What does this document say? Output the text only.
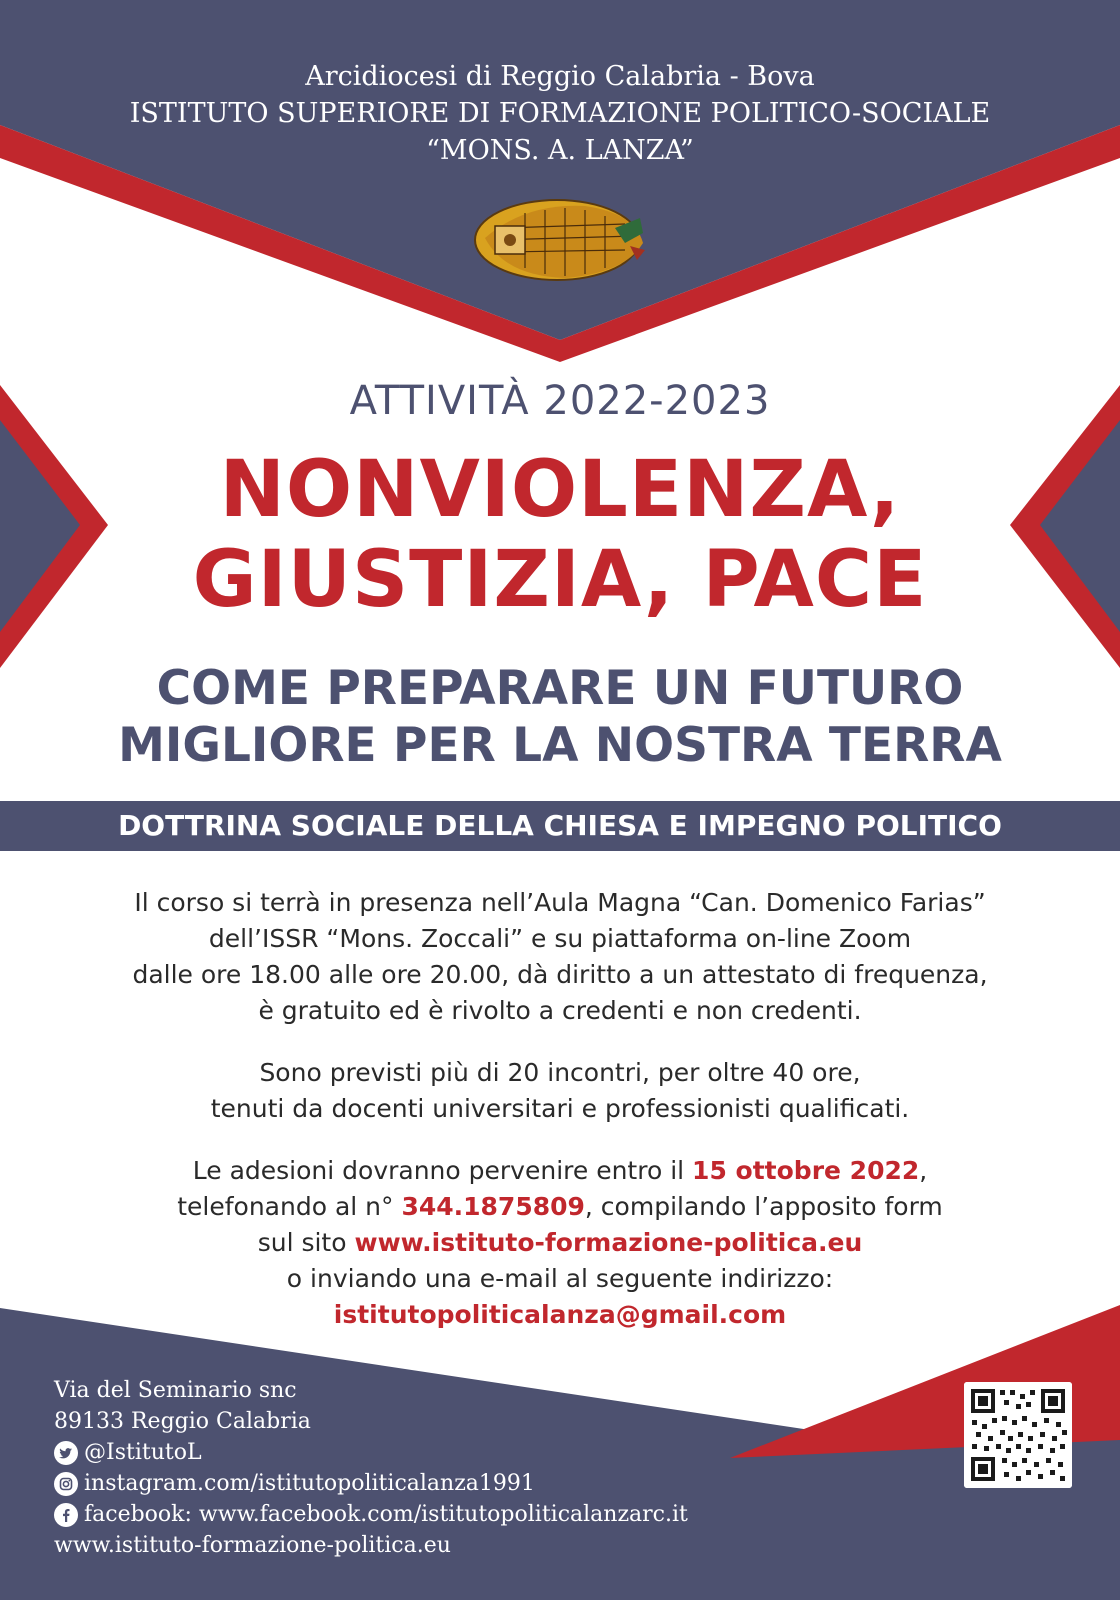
Arcidiocesi di Reggio Calabria - Bova
ISTITUTO SUPERIORE DI FORMAZIONE POLITICO-SOCIALE
“MONS. A. LANZA”
ATTIVITÀ 2022-2023
NONVIOLENZA,
GIUSTIZIA, PACE
COME PREPARARE UN FUTURO
MIGLIORE PER LA NOSTRA TERRA
DOTTRINA SOCIALE DELLA CHIESA E IMPEGNO POLITICO

Il corso si terrà in presenza nell’Aula Magna “Can. Domenico Farias”

dell’ISSR “Mons. Zoccali” e su piattaforma on-line Zoom

dalle ore 18.00 alle ore 20.00, dà diritto a un attestato di frequenza,

è gratuito ed è rivolto a credenti e non credenti.

Sono previsti più di 20 incontri, per oltre 40 ore,

tenuti da docenti universitari e professionisti qualificati.

Le adesioni dovranno pervenire entro il 15 ottobre 2022,

telefonando al n° 344.1875809, compilando l’apposito form

sul sito www.istituto-formazione-politica.eu

o inviando una e-mail al seguente indirizzo:

istitutopoliticalanza@gmail.com

Via del Seminario snc
89133 Reggio Calabria
@IstitutoL
instagram.com/istitutopoliticalanza1991
facebook: www.facebook.com/istitutopoliticalanzarc.it
www.istituto-formazione-politica.eu
